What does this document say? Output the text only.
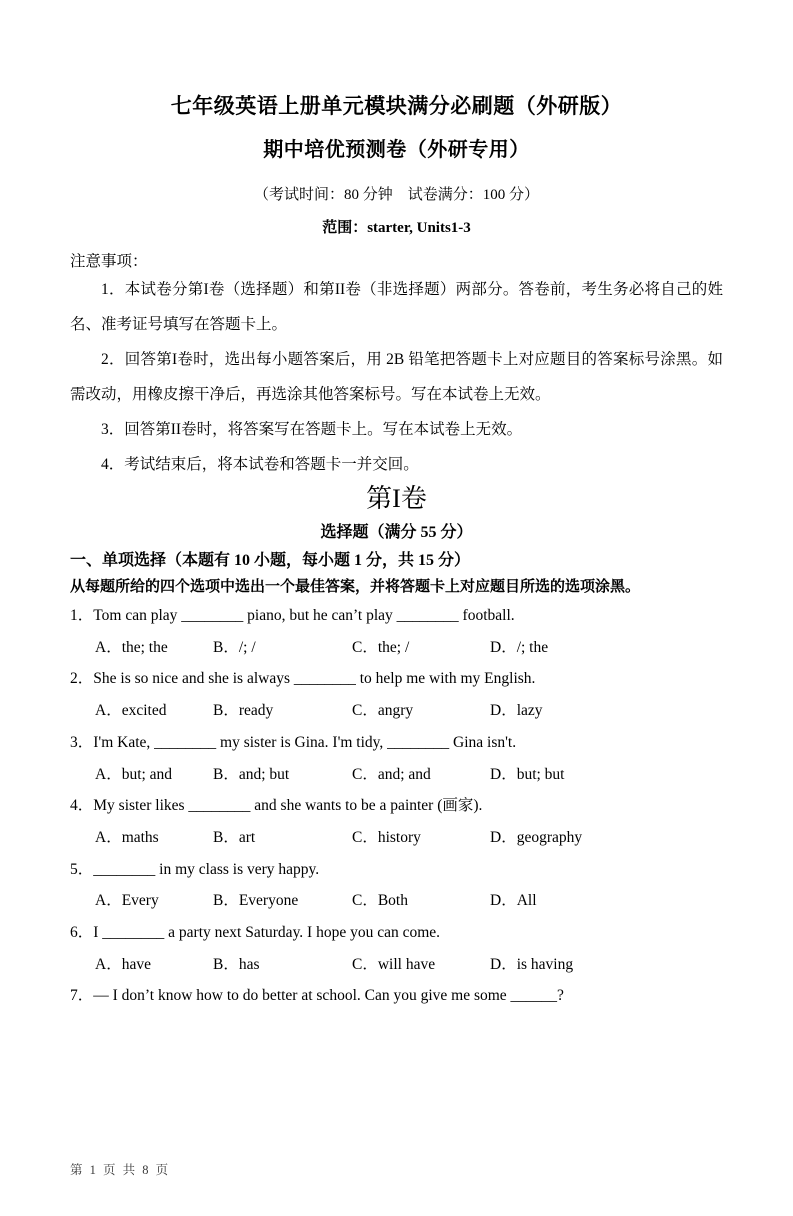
七年级英语上册单元模块满分必刷题（外研版）
期中培优预测卷（外研专用）
（考试时间：80 分钟　试卷满分：100 分）
范围：starter, Units1-3
注意事项：

1．本试卷分第I卷（选择题）和第II卷（非选择题）两部分。答卷前，考生务必将自己的姓名、准考证号填写在答题卡上。

2．回答第I卷时，选出每小题答案后，用 2B 铅笔把答题卡上对应题目的答案标号涂黑。如需改动，用橡皮擦干净后，再选涂其他答案标号。写在本试卷上无效。

3．回答第II卷时，将答案写在答题卡上。写在本试卷上无效。

4．考试结束后，将本试卷和答题卡一并交回。

第I卷
选择题（满分 55 分）
一、单项选择（本题有 10 小题，每小题 1 分，共 15 分）
从每题所给的四个选项中选出一个最佳答案，并将答题卡上对应题目所选的选项涂黑。
1．Tom can play ________ piano, but he can’t play ________ football.
A．the; the	B．/; /	C．the; /	D．/; the
2．She is so nice and she is always ________ to help me with my English.
A．excited	B．ready	C．angry	D．lazy
3．I'm Kate, ________ my sister is Gina. I'm tidy, ________ Gina isn't.
A．but; and	B．and; but	C．and; and	D．but; but
4．My sister likes ________ and she wants to be a painter (画家).
A．maths	B．art	C．history	D．geography
5．________ in my class is very happy.
A．Every	B．Everyone	C．Both	D．All
6．I ________ a party next Saturday. I hope you can come.
A．have	B．has	C．will have	D．is having
7．— I don’t know how to do better at school. Can you give me some ______?
第 1 页 共 8 页
